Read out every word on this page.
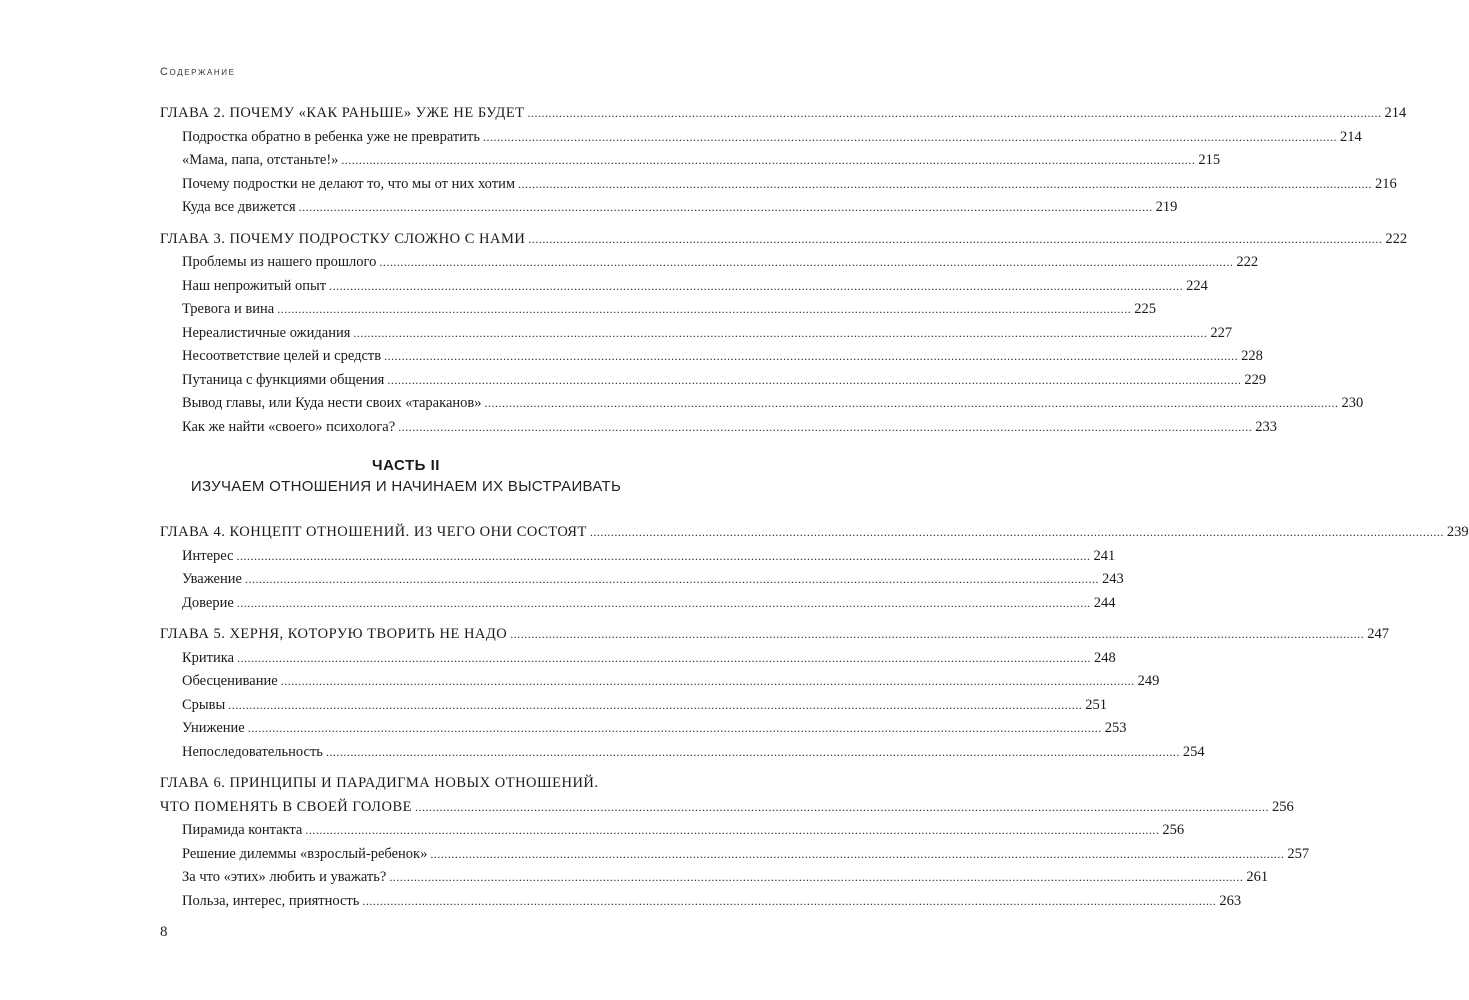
Содержание
ГЛАВА 2. ПОЧЕМУ «КАК РАНЬШЕ» УЖЕ НЕ БУДЕТ .................................................................................................................................................................................................................................................... 214
Подростка обратно в ребенка уже не превратить .................................................................................................................................................................................................................................................... 214
«Мама, папа, отстаньте!» .................................................................................................................................................................................................................................................... 215
Почему подростки не делают то, что мы от них хотим .................................................................................................................................................................................................................................................... 216
Куда все движется .................................................................................................................................................................................................................................................... 219
ГЛАВА 3. ПОЧЕМУ ПОДРОСТКУ СЛОЖНО С НАМИ .................................................................................................................................................................................................................................................... 222
Проблемы из нашего прошлого .................................................................................................................................................................................................................................................... 222
Наш непрожитый опыт .................................................................................................................................................................................................................................................... 224
Тревога и вина .................................................................................................................................................................................................................................................... 225
Нереалистичные ожидания .................................................................................................................................................................................................................................................... 227
Несоответствие целей и средств .................................................................................................................................................................................................................................................... 228
Путаница с функциями общения .................................................................................................................................................................................................................................................... 229
Вывод главы, или Куда нести своих «тараканов» .................................................................................................................................................................................................................................................... 230
Как же найти «своего» психолога? .................................................................................................................................................................................................................................................... 233
ЧАСТЬ II
ИЗУЧАЕМ ОТНОШЕНИЯ И НАЧИНАЕМ ИХ ВЫСТРАИВАТЬ
ГЛАВА 4. КОНЦЕПТ ОТНОШЕНИЙ. ИЗ ЧЕГО ОНИ СОСТОЯТ .................................................................................................................................................................................................................................................... 239
Интерес .................................................................................................................................................................................................................................................... 241
Уважение .................................................................................................................................................................................................................................................... 243
Доверие .................................................................................................................................................................................................................................................... 244
ГЛАВА 5. ХЕРНЯ, КОТОРУЮ ТВОРИТЬ НЕ НАДО .................................................................................................................................................................................................................................................... 247
Критика .................................................................................................................................................................................................................................................... 248
Обесценивание .................................................................................................................................................................................................................................................... 249
Срывы .................................................................................................................................................................................................................................................... 251
Унижение .................................................................................................................................................................................................................................................... 253
Непоследовательность .................................................................................................................................................................................................................................................... 254
ГЛАВА 6. ПРИНЦИПЫ И ПАРАДИГМА НОВЫХ ОТНОШЕНИЙ.
ЧТО ПОМЕНЯТЬ В СВОЕЙ ГОЛОВЕ .................................................................................................................................................................................................................................................... 256
Пирамида контакта .................................................................................................................................................................................................................................................... 256
Решение дилеммы «взрослый-ребенок» .................................................................................................................................................................................................................................................... 257
За что «этих» любить и уважать? .................................................................................................................................................................................................................................................... 261
Польза, интерес, приятность .................................................................................................................................................................................................................................................... 263
8
